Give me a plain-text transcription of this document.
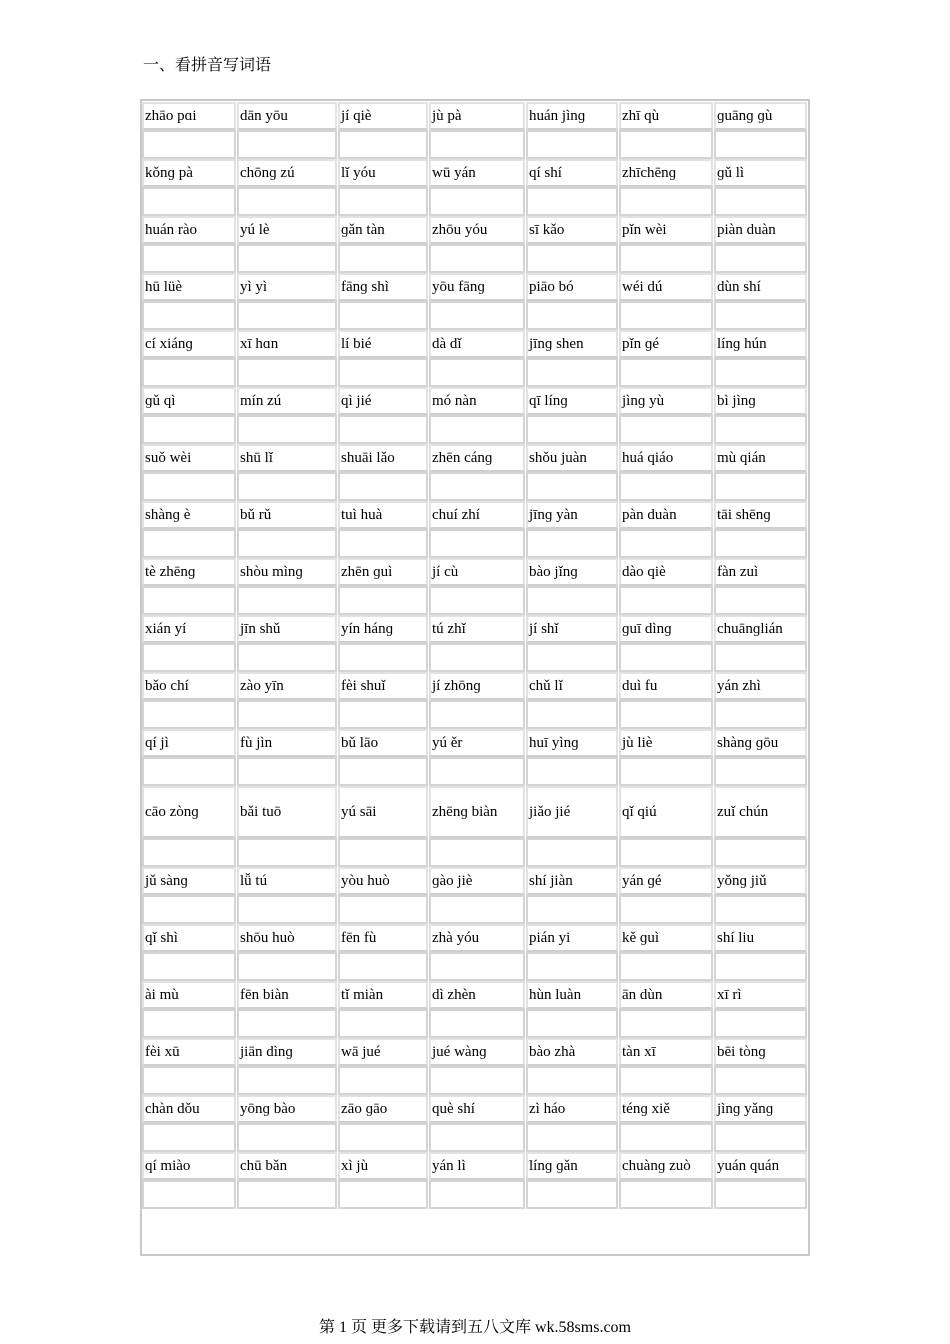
一、看拼音写词语
zhāo pɑi	dān yōu	jí qiè	jù pà	huán jìnɡ	zhī qù	ɡuānɡ ɡù
kǒnɡ pà	chōnɡ zú	lǐ yóu	wū yán	qí shí	zhīchēnɡ	ɡǔ lì
huán rào	yú lè	ɡǎn tàn	zhōu yóu	sī kǎo	pǐn wèi	piàn duàn
hū lüè	yì yì	fānɡ shì	yōu fānɡ	piāo bó	wéi dú	dùn shí
cí xiánɡ	xī hɑn	lí bié	dà dǐ	jīnɡ shen	pǐn ɡé	línɡ hún
ɡǔ qì	mín zú	qì jié	mó nàn	qī línɡ	jìnɡ yù	bì jìnɡ
suǒ wèi	shū lǐ	shuāi lǎo	zhēn cánɡ	shǒu juàn	huá qiáo	mù qián
shànɡ è	bǔ rǔ	tuì huà	chuí zhí	jīnɡ yàn	pàn duàn	tāi shēnɡ
tè zhēnɡ	shòu mìnɡ	zhēn ɡuì	jí cù	bào jǐnɡ	dào qiè	fàn zuì
xián yí	jīn shǔ	yín hánɡ	tú zhǐ	jí shǐ	ɡuī dìnɡ	chuānɡlián
bǎo chí	zào yīn	fèi shuǐ	jí zhōnɡ	chǔ lǐ	duì fu	yán zhì
qí jì	fù jìn	bǔ lāo	yú ěr	huī yìnɡ	jù liè	shànɡ ɡōu
cāo zònɡ	bǎi tuō	yú sāi	zhēnɡ biàn	jiǎo jié	qǐ qiú	zuǐ chún
jǔ sànɡ	lǚ tú	yòu huò	ɡào jiè	shí jiàn	yán ɡé	yǒnɡ jiǔ
qǐ shì	shōu huò	fēn fù	zhà yóu	pián yi	kě ɡuì	shí liu
ài mù	fēn biàn	tǐ miàn	dì zhèn	hùn luàn	ān dùn	xī rì
fèi xū	jiān dìnɡ	wā jué	jué wànɡ	bào zhà	tàn xī	bēi tònɡ
chàn dǒu	yōnɡ bào	zāo ɡāo	què shí	zì háo	ténɡ xiě	jìnɡ yǎnɡ
qí miào	chū bǎn	xì jù	yán lì	línɡ ɡǎn	chuànɡ zuò	yuán quán
第 1 页 更多下载请到五八文库 wk.58sms.com
